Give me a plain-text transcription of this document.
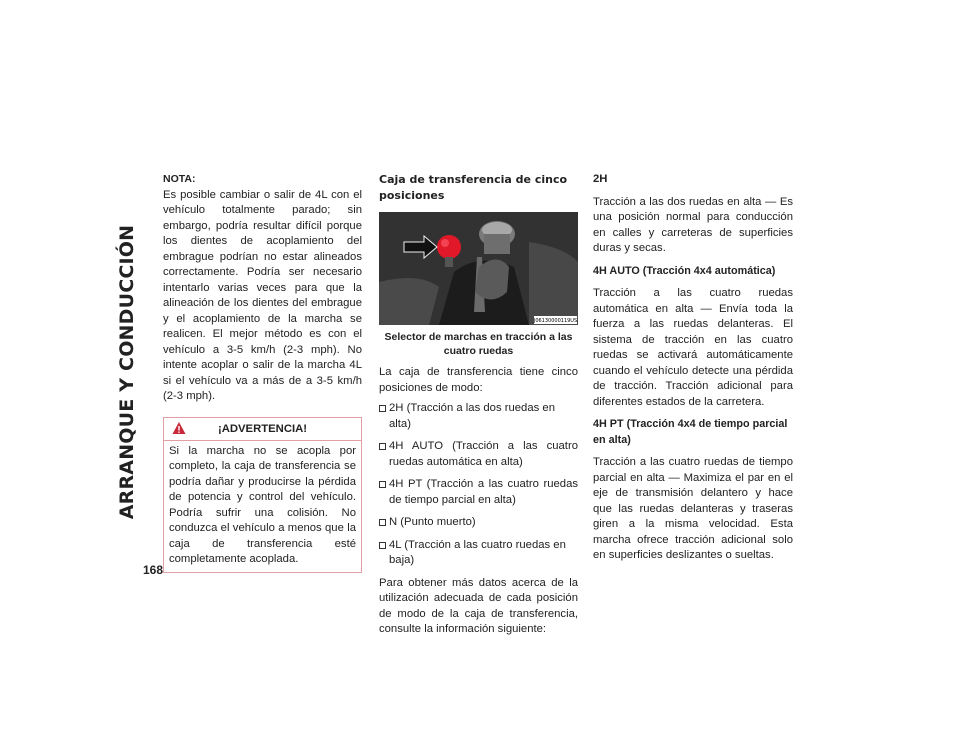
ARRANQUE Y CONDUCCIÓN
168

NOTA:

Es posible cambiar o salir de 4L con el vehículo totalmente parado; sin embargo, podría resultar difícil porque los dientes de acoplamiento del embrague podrían no estar alineados correctamente. Podría ser necesario intentarlo varias veces para que la alineación de los dientes del embrague y el acoplamiento de la marcha se realicen. El mejor método es con el vehículo a 3-5 km/h (2-3 mph). No intente acoplar o salir de la marcha 4L si el vehículo va a más de a 3-5 km/h (2-3 mph).

¡ADVERTENCIA!

Si la marcha no se acopla por completo, la caja de transferencia se podría dañar y producirse la pérdida de potencia y control del vehículo. Podría sufrir una colisión. No conduzca el vehículo a menos que la caja de transferencia esté completamente acoplada.

Caja de transferencia de cinco posiciones

J06130000119US

Selector de marchas en tracción a las cuatro ruedas

La caja de transferencia tiene cinco posiciones de modo:

2H (Tracción a las dos ruedas en alta)
4H AUTO (Tracción a las cuatro ruedas automática en alta)
4H PT (Tracción a las cuatro ruedas de tiempo parcial en alta)
N (Punto muerto)
4L (Tracción a las cuatro ruedas en baja)

Para obtener más datos acerca de la utilización adecuada de cada posición de modo de la caja de transferencia, consulte la información siguiente:

2H

Tracción a las dos ruedas en alta — Es una posición normal para conducción en calles y carreteras de superficies duras y secas.

4H AUTO (Tracción 4x4 automática)

Tracción a las cuatro ruedas automática en alta — Envía toda la fuerza a las ruedas delanteras. El sistema de tracción en las cuatro ruedas se activará automáticamente cuando el vehículo detecte una pérdida de tracción. Tracción adicional para diferentes estados de la carretera.

4H PT (Tracción 4x4 de tiempo parcial en alta)

Tracción a las cuatro ruedas de tiempo parcial en alta — Maximiza el par en el eje de transmisión delantero y hace que las ruedas delanteras y traseras giren a la misma velocidad. Esta marcha ofrece tracción adicional solo en superficies deslizantes o sueltas.
